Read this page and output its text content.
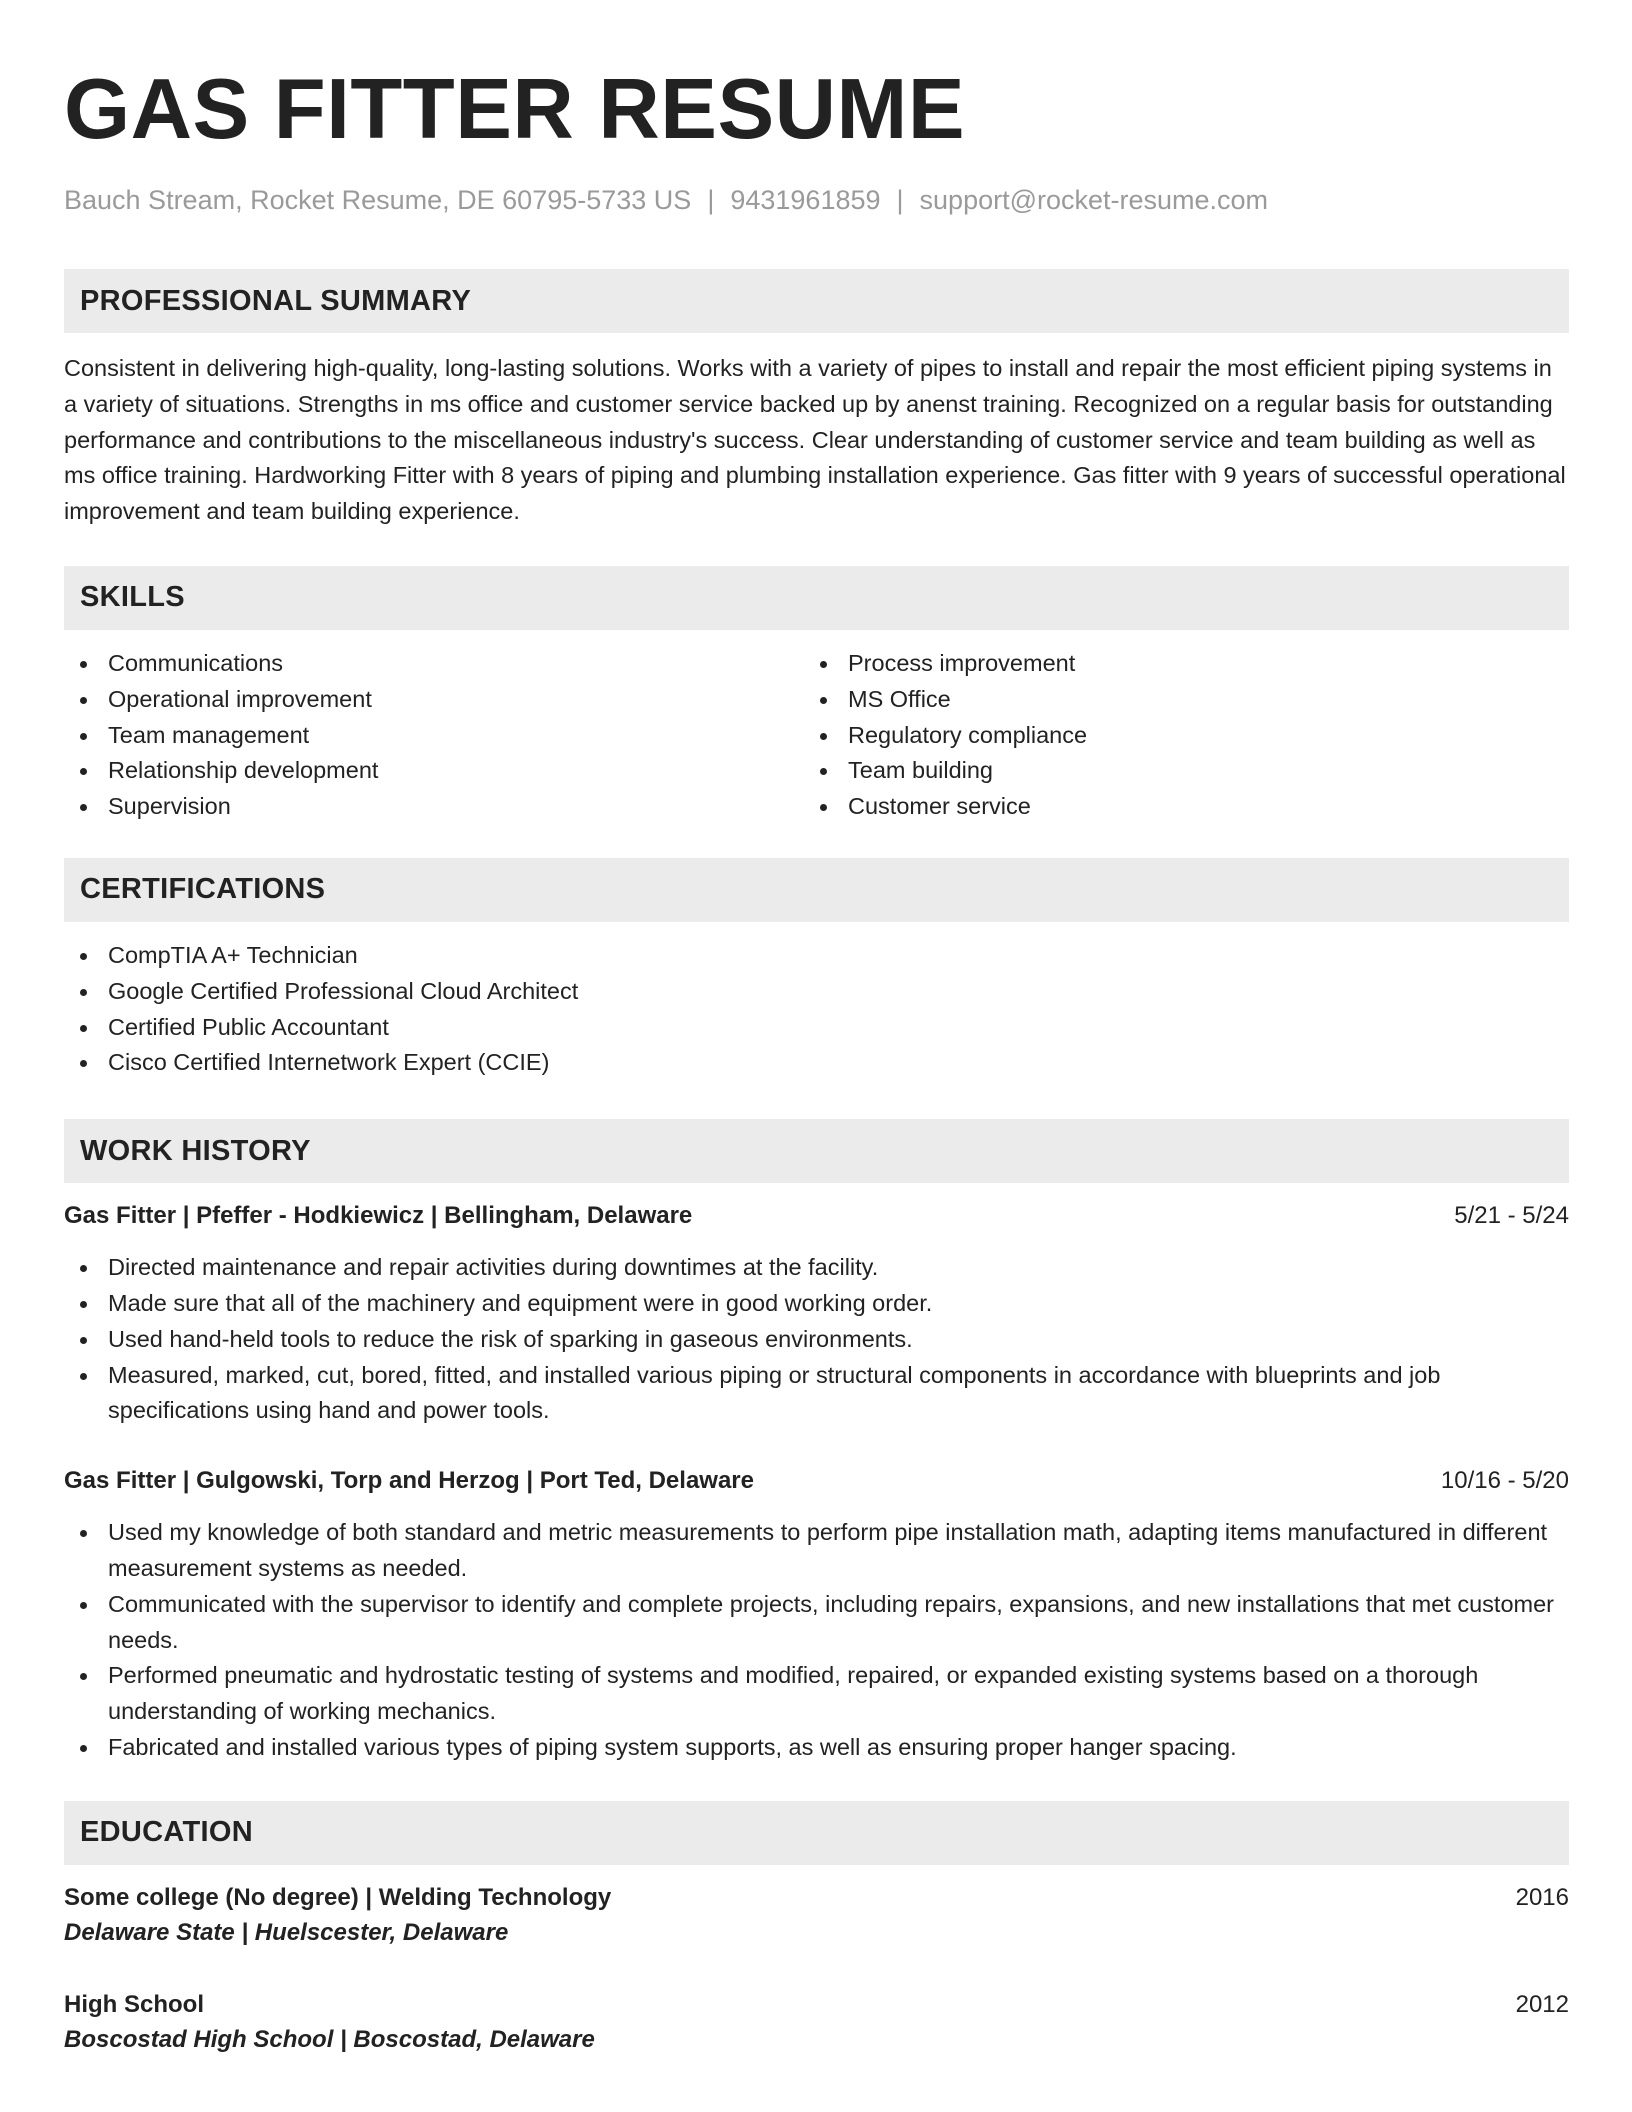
GAS FITTER RESUME
Bauch Stream, Rocket Resume, DE 60795-5733 US | 9431961859 | support@rocket-resume.com
PROFESSIONAL SUMMARY
Consistent in delivering high-quality, long-lasting solutions. Works with a variety of pipes to install and repair the most efficient piping systems in a variety of situations. Strengths in ms office and customer service backed up by anenst training. Recognized on a regular basis for outstanding performance and contributions to the miscellaneous industry's success. Clear understanding of customer service and team building as well as ms office training. Hardworking Fitter with 8 years of piping and plumbing installation experience. Gas fitter with 9 years of successful operational improvement and team building experience.
SKILLS
Communications
Operational improvement
Team management
Relationship development
Supervision
Process improvement
MS Office
Regulatory compliance
Team building
Customer service
CERTIFICATIONS
CompTIA A+ Technician
Google Certified Professional Cloud Architect
Certified Public Accountant
Cisco Certified Internetwork Expert (CCIE)
WORK HISTORY
Gas Fitter | Pfeffer - Hodkiewicz | Bellingham, Delaware	5/21 - 5/24
Directed maintenance and repair activities during downtimes at the facility.
Made sure that all of the machinery and equipment were in good working order.
Used hand-held tools to reduce the risk of sparking in gaseous environments.
Measured, marked, cut, bored, fitted, and installed various piping or structural components in accordance with blueprints and job specifications using hand and power tools.
Gas Fitter | Gulgowski, Torp and Herzog | Port Ted, Delaware	10/16 - 5/20
Used my knowledge of both standard and metric measurements to perform pipe installation math, adapting items manufactured in different measurement systems as needed.
Communicated with the supervisor to identify and complete projects, including repairs, expansions, and new installations that met customer needs.
Performed pneumatic and hydrostatic testing of systems and modified, repaired, or expanded existing systems based on a thorough understanding of working mechanics.
Fabricated and installed various types of piping system supports, as well as ensuring proper hanger spacing.
EDUCATION
Some college (No degree) | Welding Technology	2016
Delaware State | Huelscester, Delaware
High School	2012
Boscostad High School | Boscostad, Delaware
